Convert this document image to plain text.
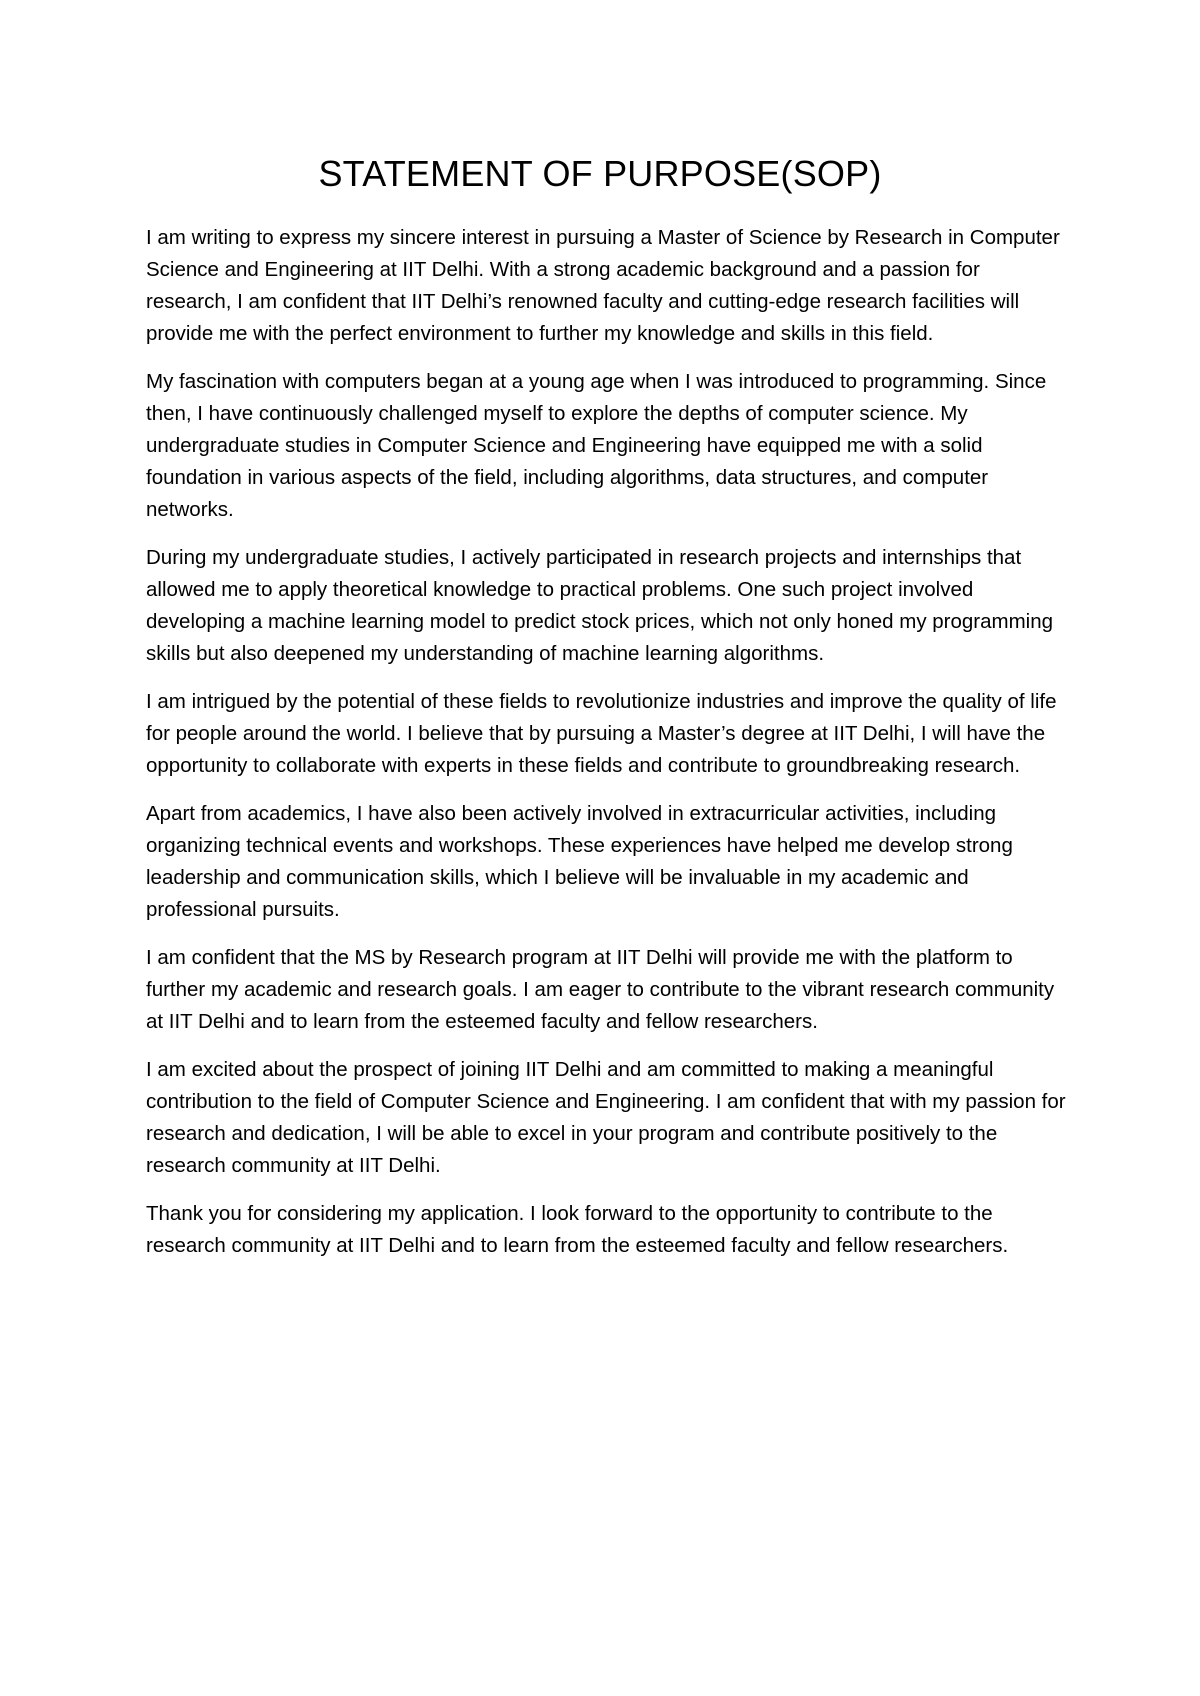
STATEMENT OF PURPOSE(SOP)

I am writing to express my sincere interest in pursuing a Master of Science by Research in Computer Science and Engineering at IIT Delhi. With a strong academic background and a passion for research, I am confident that IIT Delhi’s renowned faculty and cutting-edge research facilities will provide me with the perfect environment to further my knowledge and skills in this field.

My fascination with computers began at a young age when I was introduced to programming. Since then, I have continuously challenged myself to explore the depths of computer science. My undergraduate studies in Computer Science and Engineering have equipped me with a solid foundation in various aspects of the field, including algorithms, data structures, and computer networks.

During my undergraduate studies, I actively participated in research projects and internships that allowed me to apply theoretical knowledge to practical problems. One such project involved developing a machine learning model to predict stock prices, which not only honed my programming skills but also deepened my understanding of machine learning algorithms.

I am intrigued by the potential of these fields to revolutionize industries and improve the quality of life for people around the world. I believe that by pursuing a Master’s degree at IIT Delhi, I will have the opportunity to collaborate with experts in these fields and contribute to groundbreaking research.

Apart from academics, I have also been actively involved in extracurricular activities, including organizing technical events and workshops. These experiences have helped me develop strong leadership and communication skills, which I believe will be invaluable in my academic and professional pursuits.

I am confident that the MS by Research program at IIT Delhi will provide me with the platform to further my academic and research goals. I am eager to contribute to the vibrant research community at IIT Delhi and to learn from the esteemed faculty and fellow researchers.

I am excited about the prospect of joining IIT Delhi and am committed to making a meaningful contribution to the field of Computer Science and Engineering. I am confident that with my passion for research and dedication, I will be able to excel in your program and contribute positively to the research community at IIT Delhi.

Thank you for considering my application. I look forward to the opportunity to contribute to the research community at IIT Delhi and to learn from the esteemed faculty and fellow researchers.
